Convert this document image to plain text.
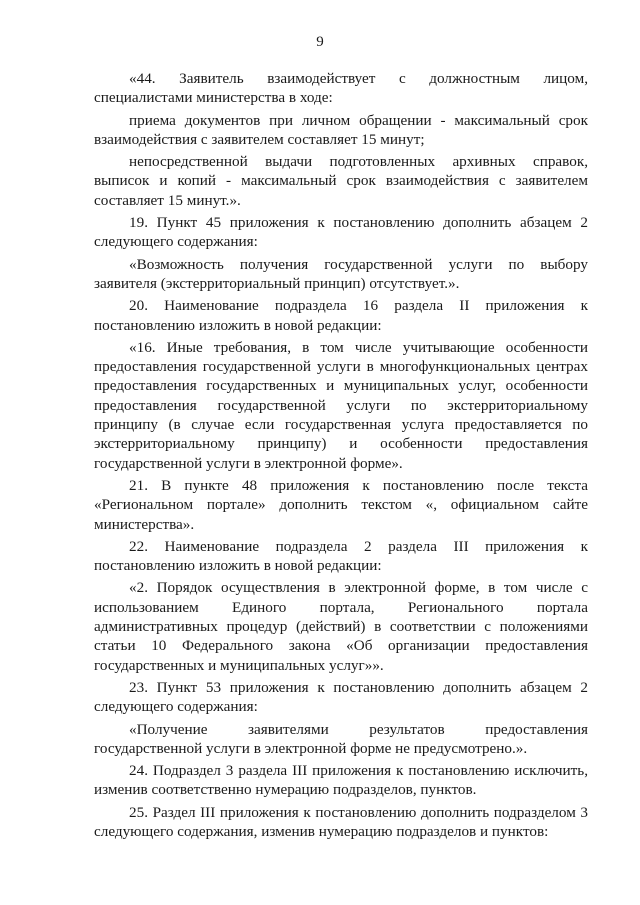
9

«44. Заявитель взаимодействует с должностным лицом, специалистами министерства в ходе:

приема документов при личном обращении - максимальный срок взаимодействия с заявителем составляет 15 минут;

непосредственной выдачи подготовленных архивных справок, выписок и копий - максимальный срок взаимодействия с заявителем составляет 15 минут.».

19. Пункт 45 приложения к постановлению дополнить абзацем 2 следующего содержания:

«Возможность получения государственной услуги по выбору заявителя (экстерриториальный принцип) отсутствует.».

20. Наименование подраздела 16 раздела II приложения к постановлению изложить в новой редакции:

«16. Иные требования, в том числе учитывающие особенности предоставления государственной услуги в многофункциональных центрах предоставления государственных и муниципальных услуг, особенности предоставления государственной услуги по экстерриториальному принципу (в случае если государственная услуга предоставляется по экстерриториальному принципу) и особенности предоставления государственной услуги в электронной форме».

21. В пункте 48 приложения к постановлению после текста «Региональном портале» дополнить текстом «, официальном сайте министерства».

22. Наименование подраздела 2 раздела III приложения к постановлению изложить в новой редакции:

«2. Порядок осуществления в электронной форме, в том числе с использованием Единого портала, Регионального портала административных процедур (действий) в соответствии с положениями статьи 10 Федерального закона «Об организации предоставления государственных и муниципальных услуг»».

23. Пункт 53 приложения к постановлению дополнить абзацем 2 следующего содержания:

«Получение заявителями результатов предоставления государственной услуги в электронной форме не предусмотрено.».

24. Подраздел 3 раздела III приложения к постановлению исключить, изменив соответственно нумерацию подразделов, пунктов.

25. Раздел III приложения к постановлению дополнить подразделом 3 следующего содержания, изменив нумерацию подразделов и пунктов:
